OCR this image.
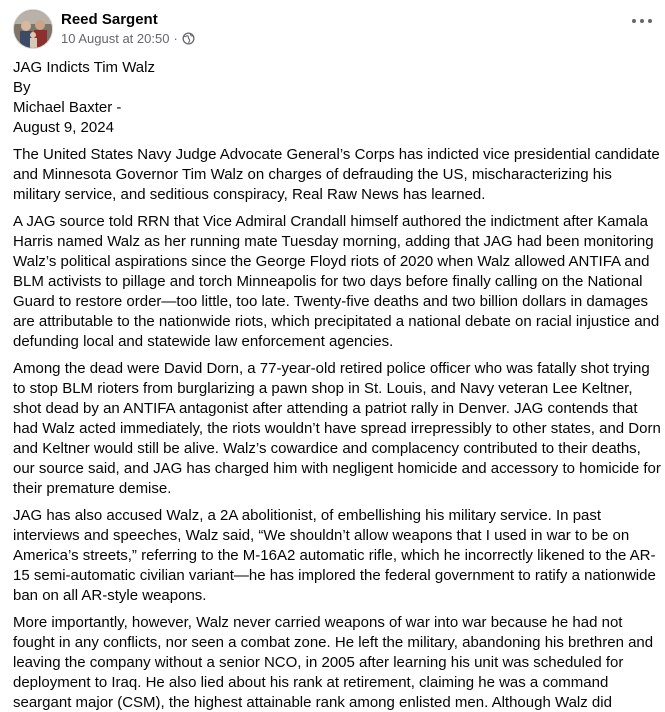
Reed Sargent
10 August at 20:50 ·

JAG Indicts Tim Walz

By

Michael Baxter -

August 9, 2024

The United States Navy Judge Advocate General’s Corps has indicted vice presidential candidate and Minnesota Governor Tim Walz on charges of defrauding the US, mischaracterizing his military service, and seditious conspiracy, Real Raw News has learned.

A JAG source told RRN that Vice Admiral Crandall himself authored the indictment after Kamala Harris named Walz as her running mate Tuesday morning, adding that JAG had been monitoring Walz’s political aspirations since the George Floyd riots of 2020 when Walz allowed ANTIFA and BLM activists to pillage and torch Minneapolis for two days before finally calling on the National Guard to restore order—too little, too late. Twenty-five deaths and two billion dollars in damages are attributable to the nationwide riots, which precipitated a national debate on racial injustice and defunding local and statewide law enforcement agencies.

Among the dead were David Dorn, a 77-year-old retired police officer who was fatally shot trying to stop BLM rioters from burglarizing a pawn shop in St. Louis, and Navy veteran Lee Keltner, shot dead by an ANTIFA antagonist after attending a patriot rally in Denver. JAG contends that had Walz acted immediately, the riots wouldn’t have spread irrepressibly to other states, and Dorn and Keltner would still be alive. Walz’s cowardice and complacency contributed to their deaths, our source said, and JAG has charged him with negligent homicide and accessory to homicide for their premature demise.

JAG has also accused Walz, a 2A abolitionist, of embellishing his military service. In past interviews and speeches, Walz said, “We shouldn’t allow weapons that I used in war to be on America’s streets,” referring to the M-16A2 automatic rifle, which he incorrectly likened to the AR-15 semi-automatic civilian variant—he has implored the federal government to ratify a nationwide ban on all AR-style weapons.

More importantly, however, Walz never carried weapons of war into war because he had not fought in any conflicts, nor seen a combat zone. He left the military, abandoning his brethren and leaving the company without a senior NCO, in 2005 after learning his unit was scheduled for deployment to Iraq. He also lied about his rank at retirement, claiming he was a command seargant major (CSM), the highest attainable rank among enlisted men. Although Walz did
